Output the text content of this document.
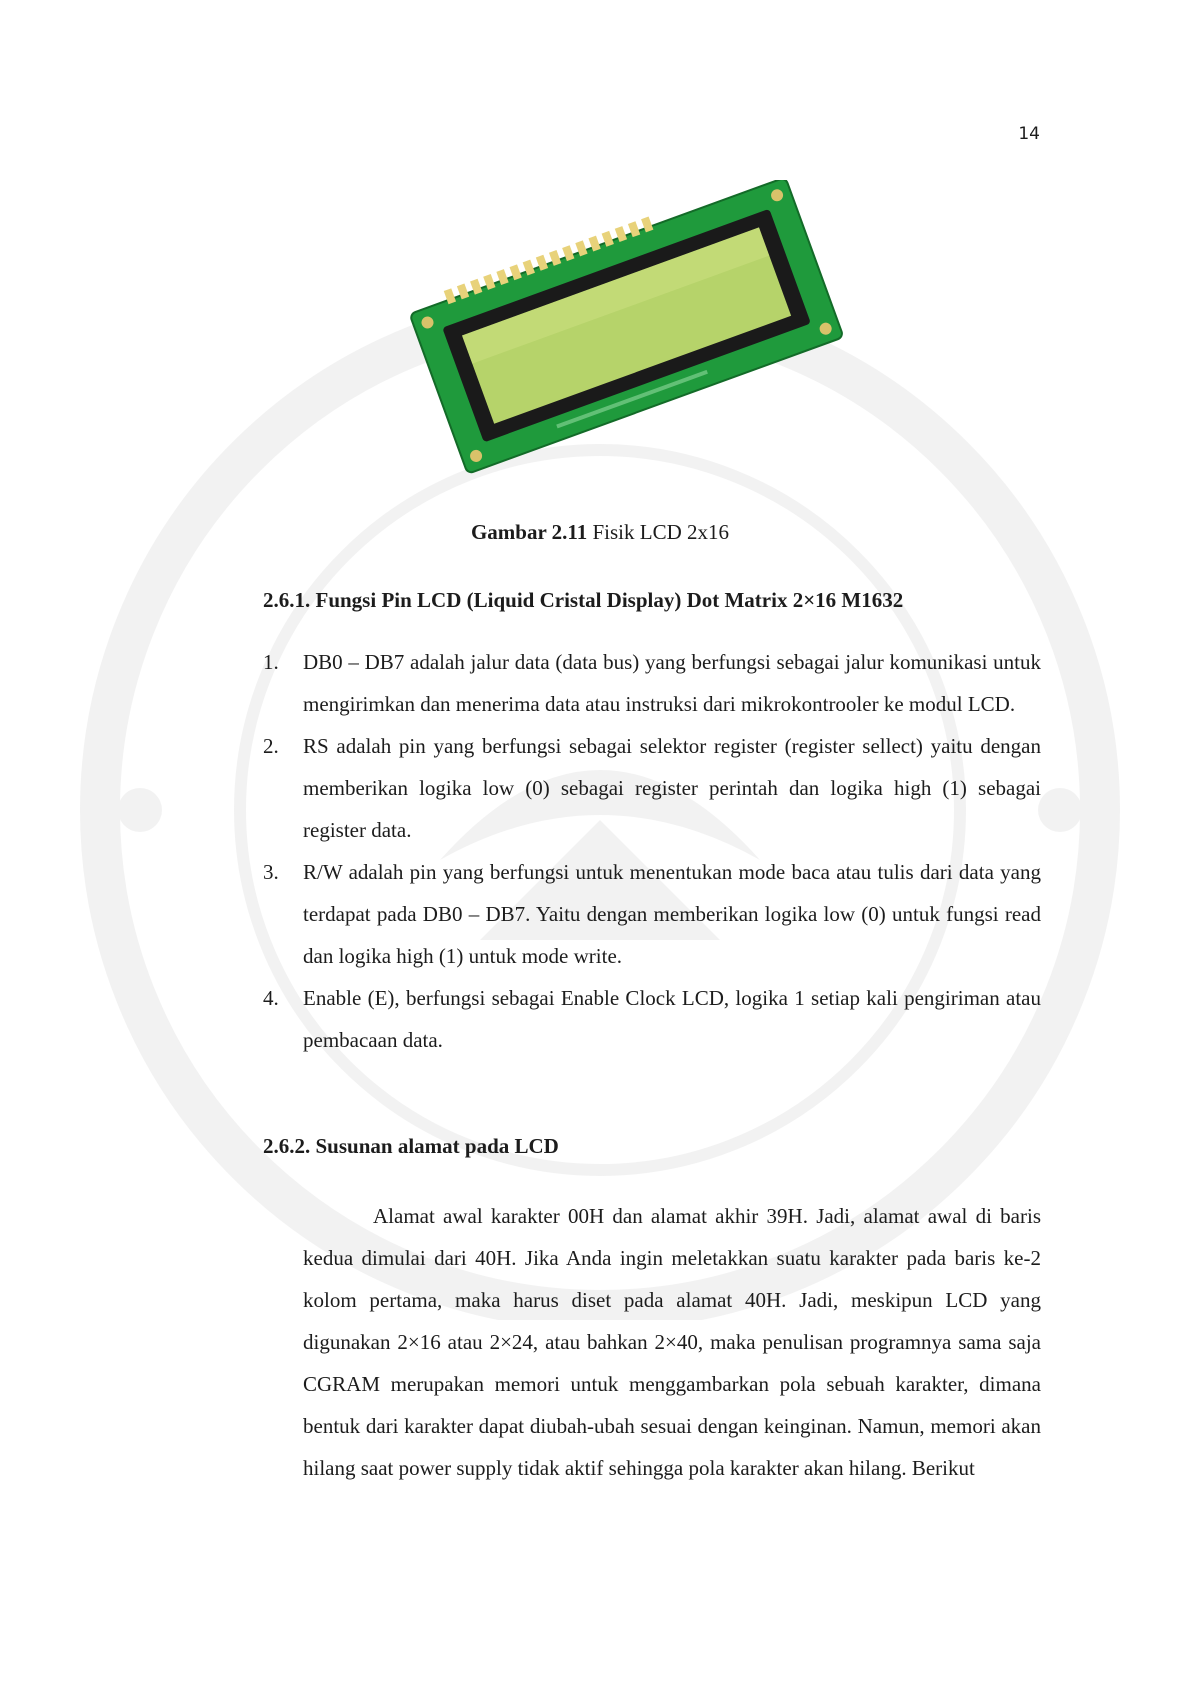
14
Gambar 2.11 Fisik LCD 2x16
2.6.1. Fungsi Pin LCD (Liquid Cristal Display) Dot Matrix 2×16 M1632
1. DB0 – DB7 adalah jalur data (data bus) yang berfungsi sebagai jalur komunikasi untuk mengirimkan dan menerima data atau instruksi dari mikrokontrooler ke modul LCD.
2. RS adalah pin yang berfungsi sebagai selektor register (register sellect) yaitu dengan memberikan logika low (0) sebagai register perintah dan logika high (1) sebagai register data.
3. R/W adalah pin yang berfungsi untuk menentukan mode baca atau tulis dari data yang terdapat pada DB0 – DB7. Yaitu dengan memberikan logika low (0) untuk fungsi read dan logika high (1) untuk mode write.
4. Enable (E), berfungsi sebagai Enable Clock LCD, logika 1 setiap kali pengiriman atau pembacaan data.
2.6.2. Susunan alamat pada LCD

Alamat awal karakter 00H dan alamat akhir 39H. Jadi, alamat awal di baris kedua dimulai dari 40H. Jika Anda ingin meletakkan suatu karakter pada baris ke-2 kolom pertama, maka harus diset pada alamat 40H. Jadi, meskipun LCD yang digunakan 2×16 atau 2×24, atau bahkan 2×40, maka penulisan programnya sama saja CGRAM merupakan memori untuk menggambarkan pola sebuah karakter, dimana bentuk dari karakter dapat diubah-ubah sesuai dengan keinginan. Namun, memori akan hilang saat power supply tidak aktif sehingga pola karakter akan hilang. Berikut
